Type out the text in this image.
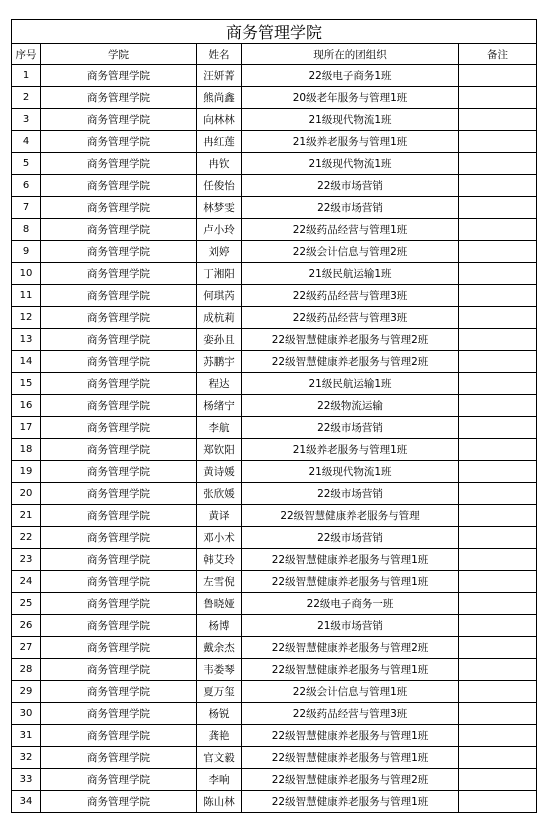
商务管理学院				
序号	学院	姓名	现所在的团组织	备注
1	商务管理学院	汪妍菁	22级电子商务1班	
2	商务管理学院	熊尚鑫	20级老年服务与管理1班	
3	商务管理学院	向林林	21级现代物流1班	
4	商务管理学院	冉红莲	21级养老服务与管理1班	
5	商务管理学院	冉钦	21级现代物流1班	
6	商务管理学院	任俊怡	22级市场营销	
7	商务管理学院	林梦雯	22级市场营销	
8	商务管理学院	卢小玲	22级药品经营与管理1班	
9	商务管理学院	刘婷	22级会计信息与管理2班	
10	商务管理学院	丁湘阳	21级民航运输1班	
11	商务管理学院	何琪芮	22级药品经营与管理3班	
12	商务管理学院	成杭莉	22级药品经营与管理3班	
13	商务管理学院	娈孙且	22级智慧健康养老服务与管理2班	
14	商务管理学院	苏鹏宇	22级智慧健康养老服务与管理2班	
15	商务管理学院	程达	21级民航运输1班	
16	商务管理学院	杨绪宁	22级物流运输	
17	商务管理学院	李航	22级市场营销	
18	商务管理学院	郑钦阳	21级养老服务与管理1班	
19	商务管理学院	黄诗媛	21级现代物流1班	
20	商务管理学院	张欣媛	22级市场营销	
21	商务管理学院	黄译	22级智慧健康养老服务与管理	
22	商务管理学院	邓小术	22级市场营销	
23	商务管理学院	韩艾玲	22级智慧健康养老服务与管理1班	
24	商务管理学院	左雪倪	22级智慧健康养老服务与管理1班	
25	商务管理学院	鲁晓娅	22级电子商务一班	
26	商务管理学院	杨博	21级市场营销	
27	商务管理学院	戴余杰	22级智慧健康养老服务与管理2班	
28	商务管理学院	韦娄琴	22级智慧健康养老服务与管理1班	
29	商务管理学院	夏万玺	22级会计信息与管理1班	
30	商务管理学院	杨锐	22级药品经营与管理3班	
31	商务管理学院	龚艳	22级智慧健康养老服务与管理1班	
32	商务管理学院	官文毅	22级智慧健康养老服务与管理1班	
33	商务管理学院	李响	22级智慧健康养老服务与管理2班	
34	商务管理学院	陈山林	22级智慧健康养老服务与管理1班	
